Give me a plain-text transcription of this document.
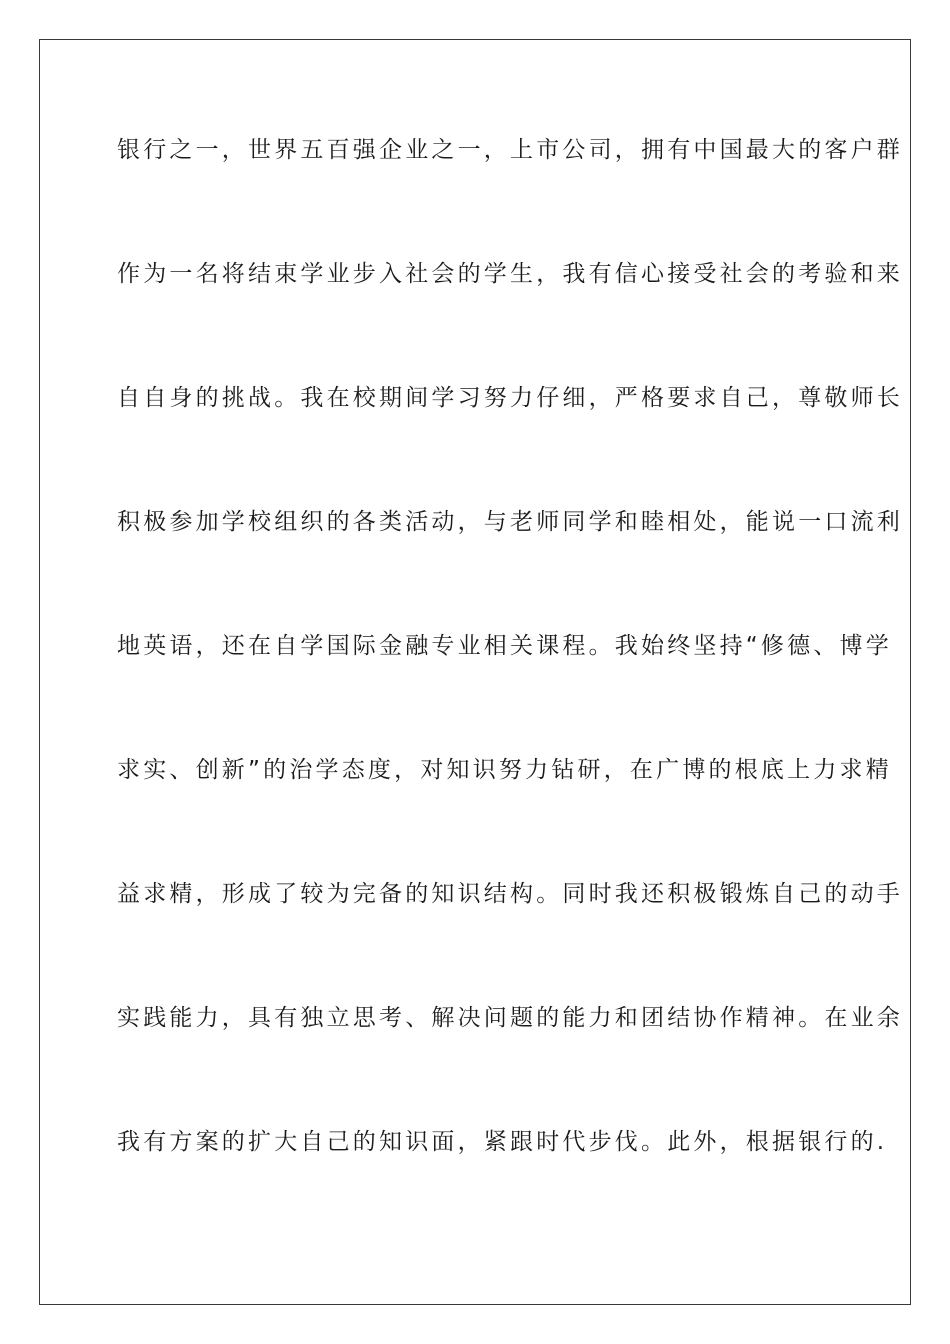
银行之一，世界五百强企业之一，上市公司，拥有中国最大的客户群
作为一名将结束学业步入社会的学生，我有信心接受社会的考验和来
自自身的挑战。我在校期间学习努力仔细，严格要求自己，尊敬师长
积极参加学校组织的各类活动，与老师同学和睦相处，能说一口流利
地英语，还在自学国际金融专业相关课程。我始终坚持“修德、博学
求实、创新”的治学态度，对知识努力钻研，在广博的根底上力求精
益求精，形成了较为完备的知识结构。同时我还积极锻炼自己的动手
实践能力，具有独立思考、解决问题的能力和团结协作精神。在业余
我有方案的扩大自己的知识面，紧跟时代步伐。此外，根据银行的.
